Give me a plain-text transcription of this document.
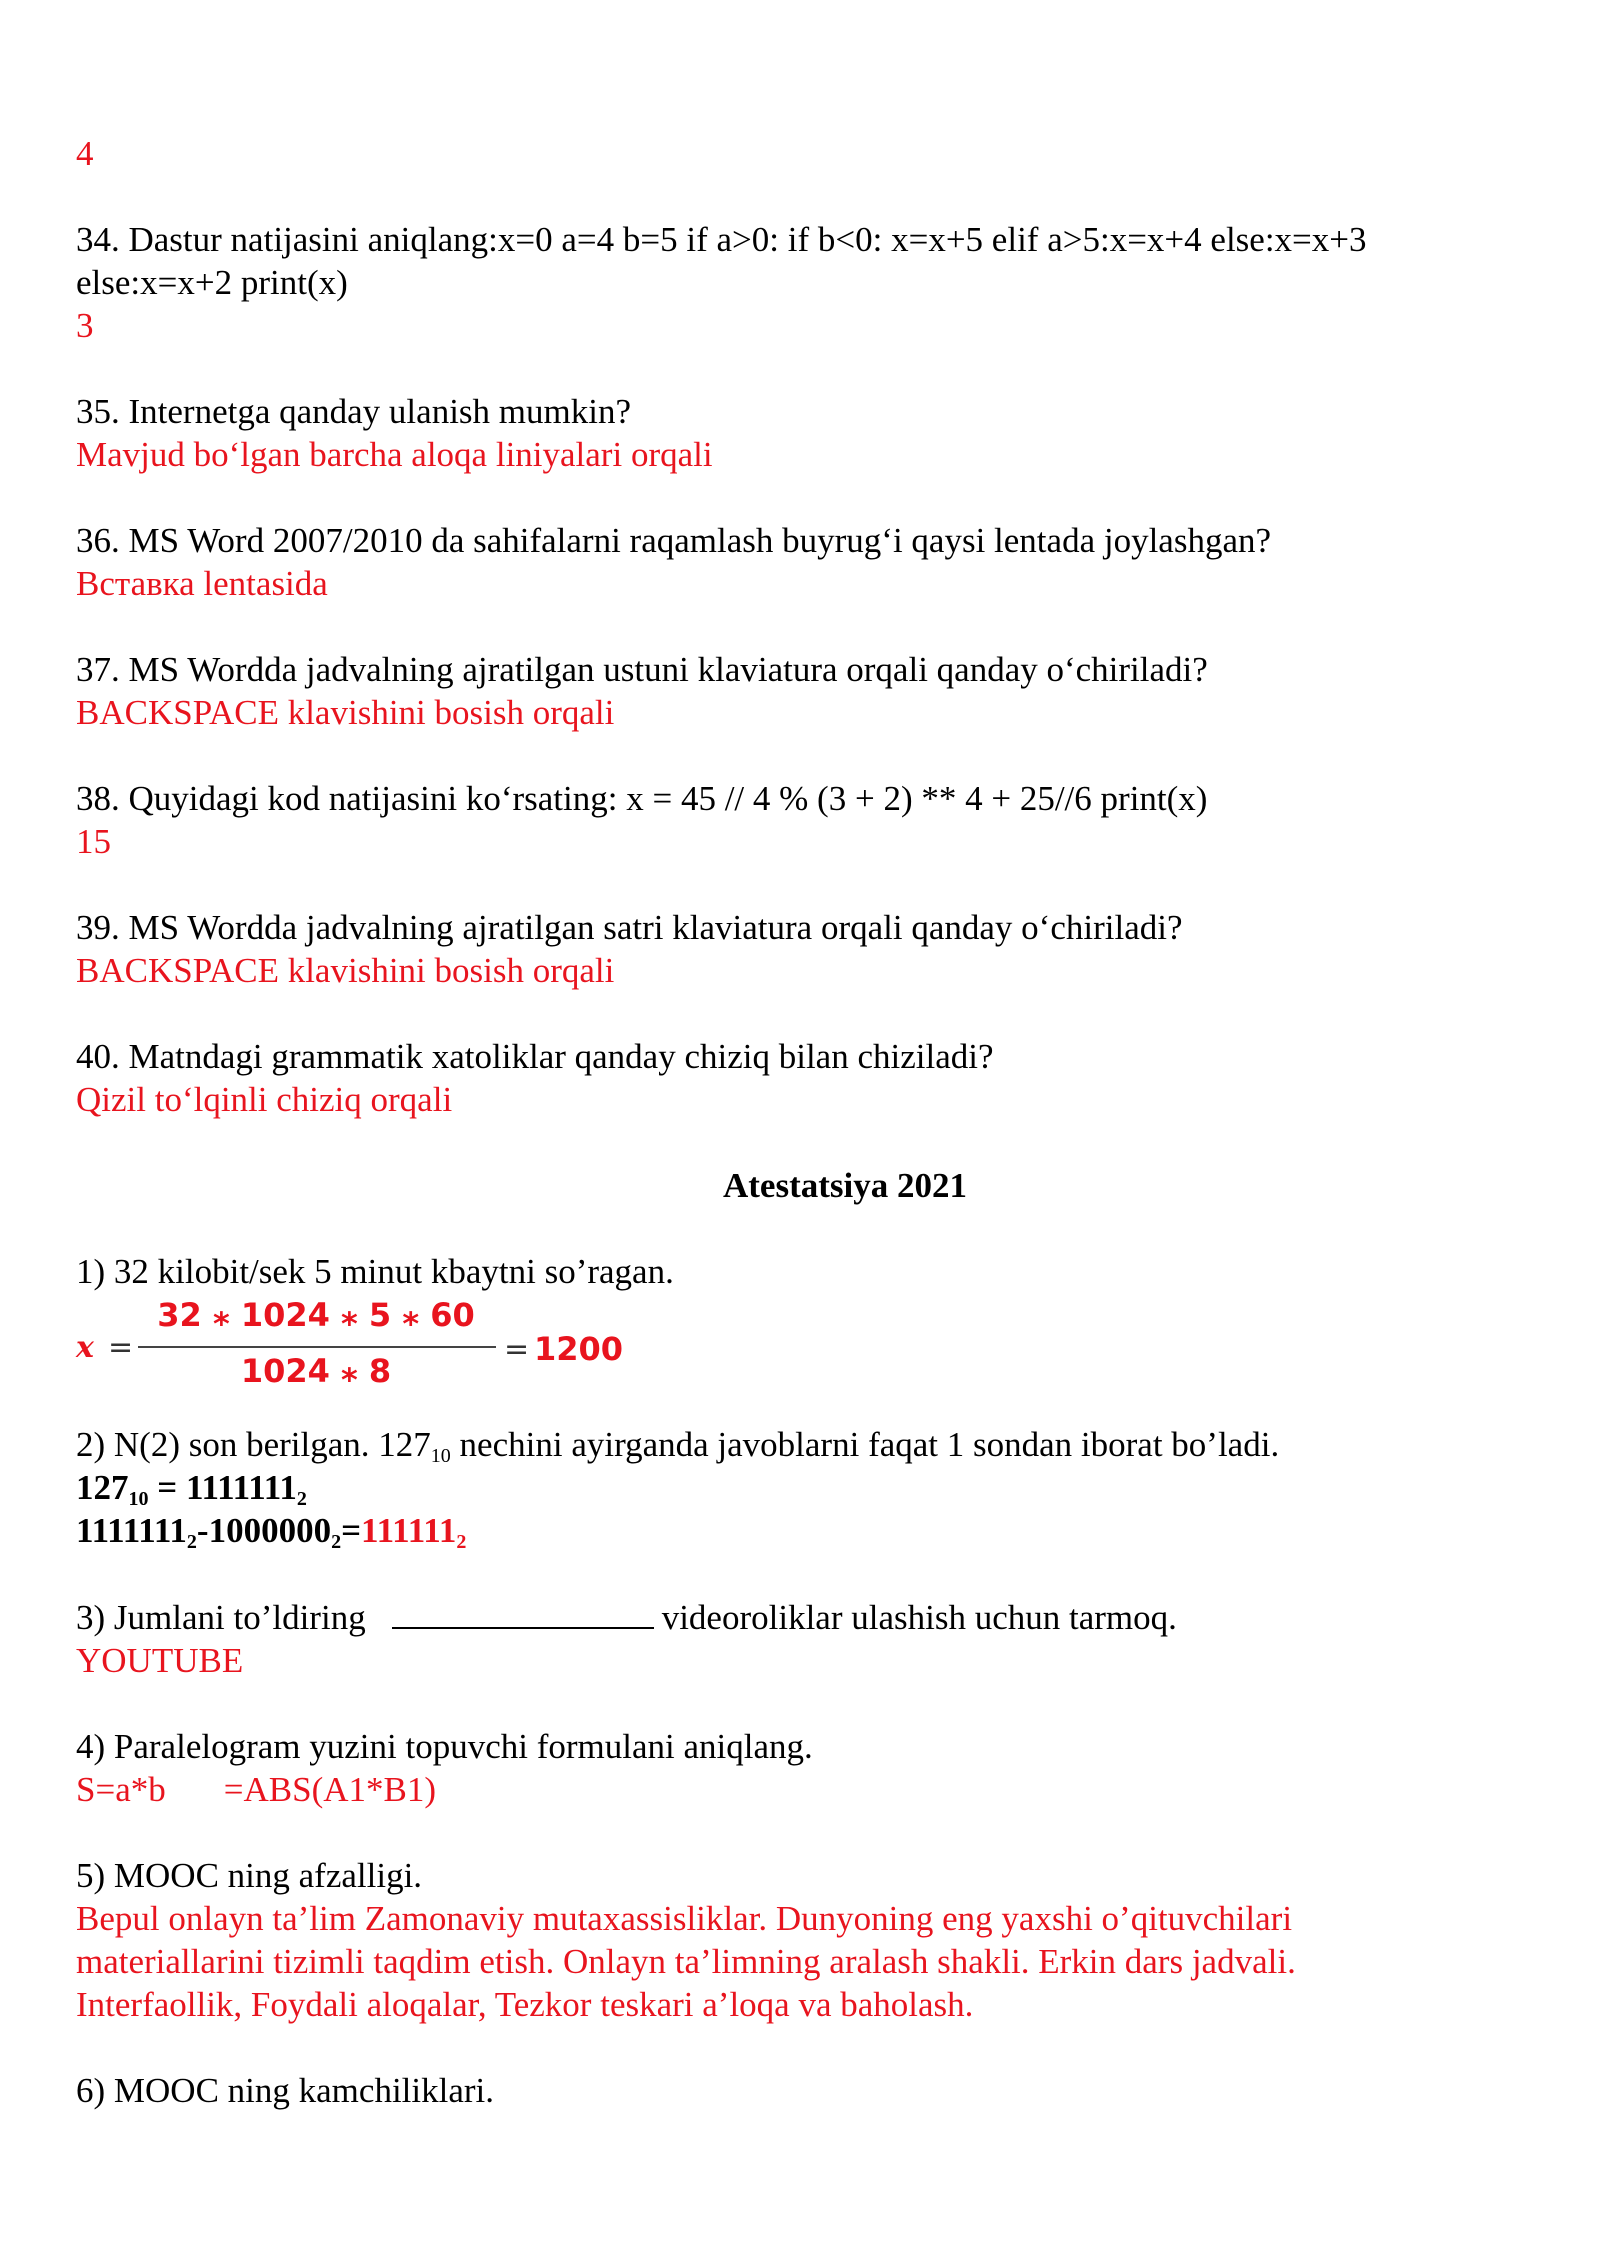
4
34. Dastur natijasini aniqlang:x=0 a=4 b=5 if a>0: if b<0: x=x+5 elif a>5:x=x+4 else:x=x+3
else:x=x+2 print(x)
3
35. Internetga qanday ulanish mumkin?
Mavjud bo‘lgan barcha aloqa liniyalari orqali
36. MS Word 2007/2010 da sahifalarni raqamlash buyrug‘i qaysi lentada joylashgan?
Вставка lentasida
37. MS Wordda jadvalning ajratilgan ustuni klaviatura orqali qanday o‘chiriladi?
BACKSPACE klavishini bosish orqali
38. Quyidagi kod natijasini ko‘rsating: x = 45 // 4 % (3 + 2) ** 4 + 25//6 print(x)
15
39. MS Wordda jadvalning ajratilgan satri klaviatura orqali qanday o‘chiriladi?
BACKSPACE klavishini bosish orqali
40. Matndagi grammatik xatoliklar qanday chiziq bilan chiziladi?
Qizil to‘lqinli chiziq orqali
Atestatsiya 2021
1) 32 kilobit/sek 5 minut kbaytni so’ragan.
x =
32 ⁎ 1024 ⁎ 5 ⁎ 60
1024 ⁎ 8
= 1200
2) N(2) son berilgan. $127_{10}$ nechini ayirganda javoblarni faqat 1 sondan iborat bo’ladi.
$127_{10} = 1111111_2$
$1111111_2-1000000_2=111111_2$
3) Jumlani to’ldiring	videoroliklar ulashish uchun tarmoq.
YOUTUBE
4) Paralelogram yuzini topuvchi formulani aniqlang.
S=a*b =ABS(A1*B1)
5) MOOC ning afzalligi.
Bepul onlayn ta’lim Zamonaviy mutaxassisliklar. Dunyoning eng yaxshi o’qituvchilari
materiallarini tizimli taqdim etish. Onlayn ta’limning aralash shakli. Erkin dars jadvali.
Interfaollik, Foydali aloqalar, Tezkor teskari a’loqa va baholash.
6) MOOC ning kamchiliklari.
